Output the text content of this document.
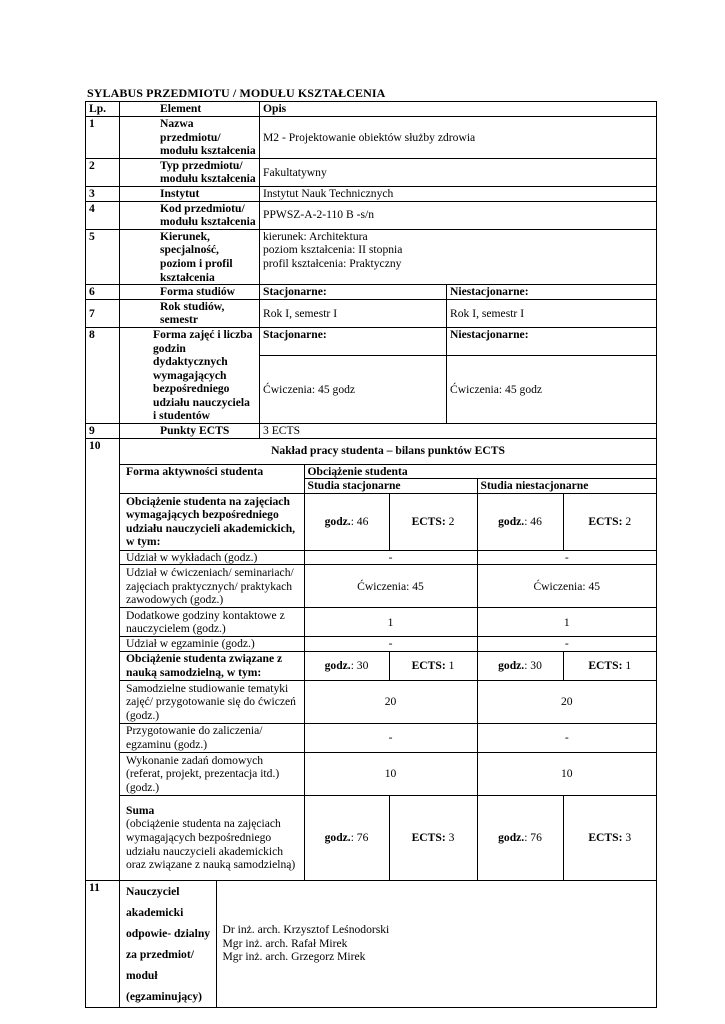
SYLABUS PRZEDMIOTU / MODUŁU KSZTAŁCENIA
Lp.	Element	Opis
1	Nazwa przedmiotu/ modułu kształcenia	M2 - Projektowanie obiektów służby zdrowia
2	Typ przedmiotu/ modułu kształcenia	Fakultatywny
3	Instytut	Instytut Nauk Technicznych
4	Kod przedmiotu/ modułu kształcenia	PPWSZ-A-2-110 B -s/n
5	Kierunek, specjalność, poziom i profil kształcenia	
kierunek: Architektura
poziom kształcenia: II stopnia
profil kształcenia: Praktyczny

6	Forma studiów	Stacjonarne:	Niestacjonarne:
7	Rok studiów, semestr	Rok I, semestr I	Rok I, semestr I
8	Forma zajęć i liczba godzin dydaktycznych wymagających bezpośredniego udziału nauczyciela i studentów	Stacjonarne:	Niestacjonarne:
Ćwiczenia: 45 godz	Ćwiczenia: 45 godz
9	Punkty ECTS	3 ECTS
10	Nakład pracy studenta – bilans punktów ECTS
Forma aktywności studenta	Obciążenie studenta
Studia stacjonarne	Studia niestacjonarne
Obciążenie studenta na zajęciach wymagających bezpośredniego udziału nauczycieli akademickich, w tym:	godz.: 46	ECTS: 2	godz.: 46	ECTS: 2
Udział w wykładach (godz.)	-	-
Udział w ćwiczeniach/ seminariach/ zajęciach praktycznych/ praktykach zawodowych (godz.)	Ćwiczenia: 45	Ćwiczenia: 45
Dodatkowe godziny kontaktowe z nauczycielem (godz.)	1	1
Udział w egzaminie (godz.)	-	-
Obciążenie studenta związane z nauką samodzielną, w tym:	godz.: 30	ECTS: 1	godz.: 30	ECTS: 1
Samodzielne studiowanie tematyki zajęć/ przygotowanie się do ćwiczeń (godz.)	20	20
Przygotowanie do zaliczenia/ egzaminu (godz.)	-	-
Wykonanie zadań domowych (referat, projekt, prezentacja itd.) (godz.)	10	10

Suma
(obciążenie studenta na zajęciach wymagających bezpośredniego udziału nauczycieli akademickich oraz związane z nauką samodzielną)
	godz.: 76	ECTS: 3	godz.: 76	ECTS: 3

11	Nauczyciel akademicki odpowie- dzialny za przedmiot/ moduł (egzaminujący)	
Dr inż. arch. Krzysztof Leśnodorski
Mgr inż. arch. Rafał Mirek
Mgr inż. arch. Grzegorz Mirek
